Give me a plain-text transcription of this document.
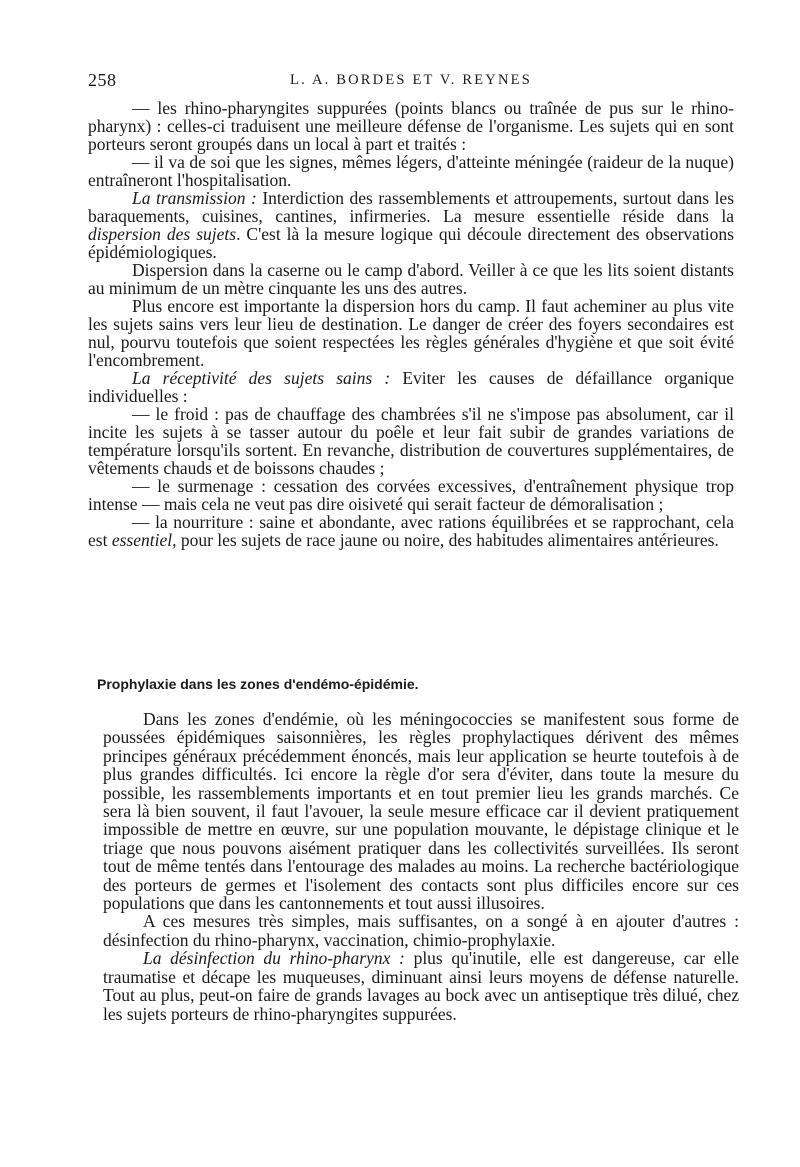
258	L. A. BORDES ET V. REYNES

— les rhino-pharyngites suppurées (points blancs ou traînée de pus sur le rhino-pharynx) : celles-ci traduisent une meilleure défense de l'organisme. Les sujets qui en sont porteurs seront groupés dans un local à part et traités :

— il va de soi que les signes, mêmes légers, d'atteinte méningée (raideur de la nuque) entraîneront l'hospitalisation.

La transmission : Interdiction des rassemblements et attroupements, surtout dans les baraquements, cuisines, cantines, infirmeries. La mesure essentielle réside dans la dispersion des sujets. C'est là la mesure logique qui découle directement des observations épidémiologiques.

Dispersion dans la caserne ou le camp d'abord. Veiller à ce que les lits soient distants au minimum de un mètre cinquante les uns des autres.

Plus encore est importante la dispersion hors du camp. Il faut acheminer au plus vite les sujets sains vers leur lieu de destination. Le danger de créer des foyers secondaires est nul, pourvu toutefois que soient respectées les règles générales d'hygiène et que soit évité l'encombrement.

La réceptivité des sujets sains : Eviter les causes de défaillance organique individuelles :

— le froid : pas de chauffage des chambrées s'il ne s'impose pas absolument, car il incite les sujets à se tasser autour du poêle et leur fait subir de grandes variations de température lorsqu'ils sortent. En revanche, distribution de couvertures supplémentaires, de vêtements chauds et de boissons chaudes ;

— le surmenage : cessation des corvées excessives, d'entraînement physique trop intense — mais cela ne veut pas dire oisiveté qui serait facteur de démoralisation ;

— la nourriture : saine et abondante, avec rations équilibrées et se rapprochant, cela est essentiel, pour les sujets de race jaune ou noire, des habitudes alimentaires antérieures.

Prophylaxie dans les zones d'endémo-épidémie.

Dans les zones d'endémie, où les méningococcies se manifestent sous forme de poussées épidémiques saisonnières, les règles prophylactiques dérivent des mêmes principes généraux précédemment énoncés, mais leur application se heurte toutefois à de plus grandes difficultés. Ici encore la règle d'or sera d'éviter, dans toute la mesure du possible, les rassemblements importants et en tout premier lieu les grands marchés. Ce sera là bien souvent, il faut l'avouer, la seule mesure efficace car il devient pratiquement impossible de mettre en œuvre, sur une population mouvante, le dépistage clinique et le triage que nous pouvons aisément pratiquer dans les collectivités surveillées. Ils seront tout de même tentés dans l'entourage des malades au moins. La recherche bactériologique des porteurs de germes et l'isolement des contacts sont plus difficiles encore sur ces populations que dans les cantonnements et tout aussi illusoires.

A ces mesures très simples, mais suffisantes, on a songé à en ajouter d'autres : désinfection du rhino-pharynx, vaccination, chimio-prophylaxie.

La désinfection du rhino-pharynx : plus qu'inutile, elle est dangereuse, car elle traumatise et décape les muqueuses, diminuant ainsi leurs moyens de défense naturelle. Tout au plus, peut-on faire de grands lavages au bock avec un antiseptique très dilué, chez les sujets porteurs de rhino-pharyngites suppurées.
